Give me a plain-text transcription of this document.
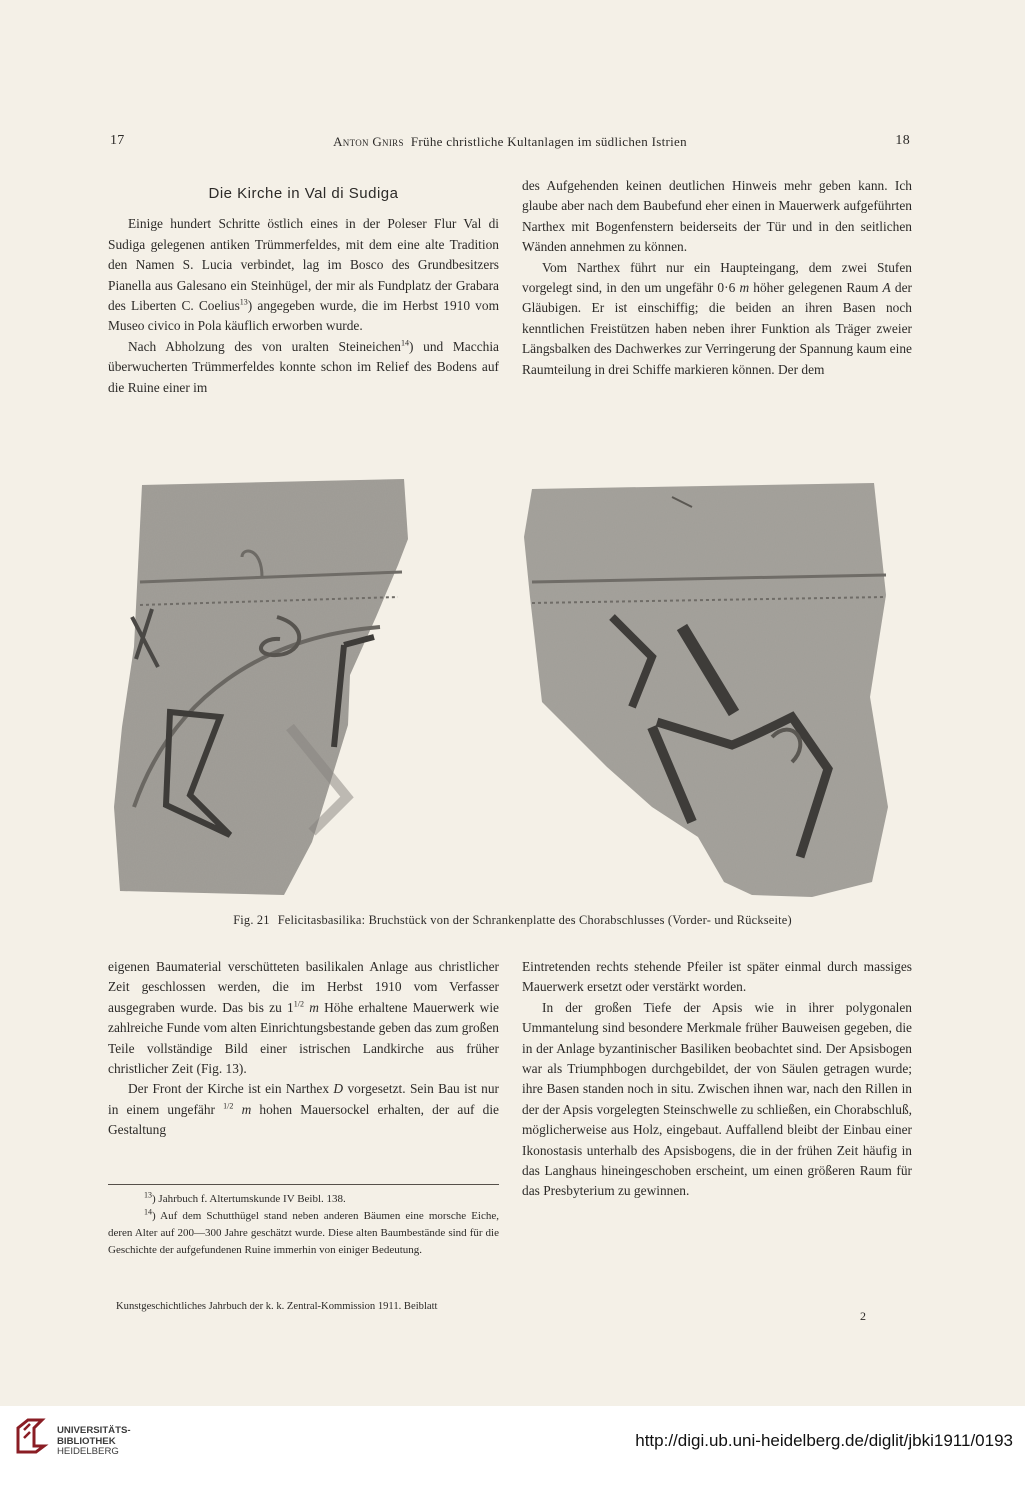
17	Anton Gnirs Frühe christliche Kultanlagen im südlichen Istrien	18
Die Kirche in Val di Sudiga

Einige hundert Schritte östlich eines in der Poleser Flur Val di Sudiga gelegenen antiken Trümmerfeldes, mit dem eine alte Tradition den Namen S. Lucia verbindet, lag im Bosco des Grundbesitzers Pianella aus Galesano ein Steinhügel, der mir als Fundplatz der Grabara des Liberten C. Coelius$^{13}$) angegeben wurde, die im Herbst 1910 vom Museo civico in Pola käuflich erworben wurde.

Nach Abholzung des von uralten Steineichen$^{14}$) und Macchia überwucherten Trümmerfeldes konnte schon im Relief des Bodens auf die Ruine einer im

des Aufgehenden keinen deutlichen Hinweis mehr geben kann. Ich glaube aber nach dem Baubefund eher einen in Mauerwerk aufgeführten Narthex mit Bogenfenstern beiderseits der Tür und in den seitlichen Wänden annehmen zu können.

Vom Narthex führt nur ein Haupteingang, dem zwei Stufen vorgelegt sind, in den um ungefähr 0·6 m höher gelegenen Raum A der Gläubigen. Er ist einschiffig; die beiden an ihren Basen noch kenntlichen Freistützen haben neben ihrer Funktion als Träger zweier Längsbalken des Dachwerkes zur Verringerung der Spannung kaum eine Raumteilung in drei Schiffe markieren können. Der dem

Fig. 21 Felicitasbasilika: Bruchstück von der Schrankenplatte des Chorabschlusses (Vorder- und Rückseite)

eigenen Baumaterial verschütteten basilikalen Anlage aus christlicher Zeit geschlossen werden, die im Herbst 1910 vom Verfasser ausgegraben wurde. Das bis zu $1^{1/2}$ m Höhe erhaltene Mauerwerk wie zahlreiche Funde vom alten Einrichtungsbestande geben das zum großen Teile vollständige Bild einer istrischen Landkirche aus früher christlicher Zeit (Fig. 13).

Der Front der Kirche ist ein Narthex D vorgesetzt. Sein Bau ist nur in einem ungefähr $^{1/2}$ m hohen Mauersockel erhalten, der auf die Gestaltung

$^{13}$) Jahrbuch f. Altertumskunde IV Beibl. 138.

$^{14}$) Auf dem Schutthügel stand neben anderen Bäumen eine morsche Eiche, deren Alter auf 200—300 Jahre geschätzt wurde. Diese alten Baumbestände sind für die Geschichte der aufgefundenen Ruine immerhin von einiger Bedeutung.

Eintretenden rechts stehende Pfeiler ist später einmal durch massiges Mauerwerk ersetzt oder verstärkt worden.

In der großen Tiefe der Apsis wie in ihrer polygonalen Ummantelung sind besondere Merkmale früher Bauweisen gegeben, die in der Anlage byzantinischer Basiliken beobachtet sind. Der Apsisbogen war als Triumphbogen durchgebildet, der von Säulen getragen wurde; ihre Basen standen noch in situ. Zwischen ihnen war, nach den Rillen in der der Apsis vorgelegten Steinschwelle zu schließen, ein Chorabschluß, möglicherweise aus Holz, eingebaut. Auffallend bleibt der Einbau einer Ikonostasis unterhalb des Apsisbogens, die in der frühen Zeit häufig in das Langhaus hineingeschoben erscheint, um einen größeren Raum für das Presbyterium zu gewinnen.

Kunstgeschichtliches Jahrbuch der k. k. Zentral-Kommission 1911. Beiblatt
2
UNIVERSITÄTS-
BIBLIOTHEK
HEIDELBERG
http://digi.ub.uni-heidelberg.de/diglit/jbki1911/0193
